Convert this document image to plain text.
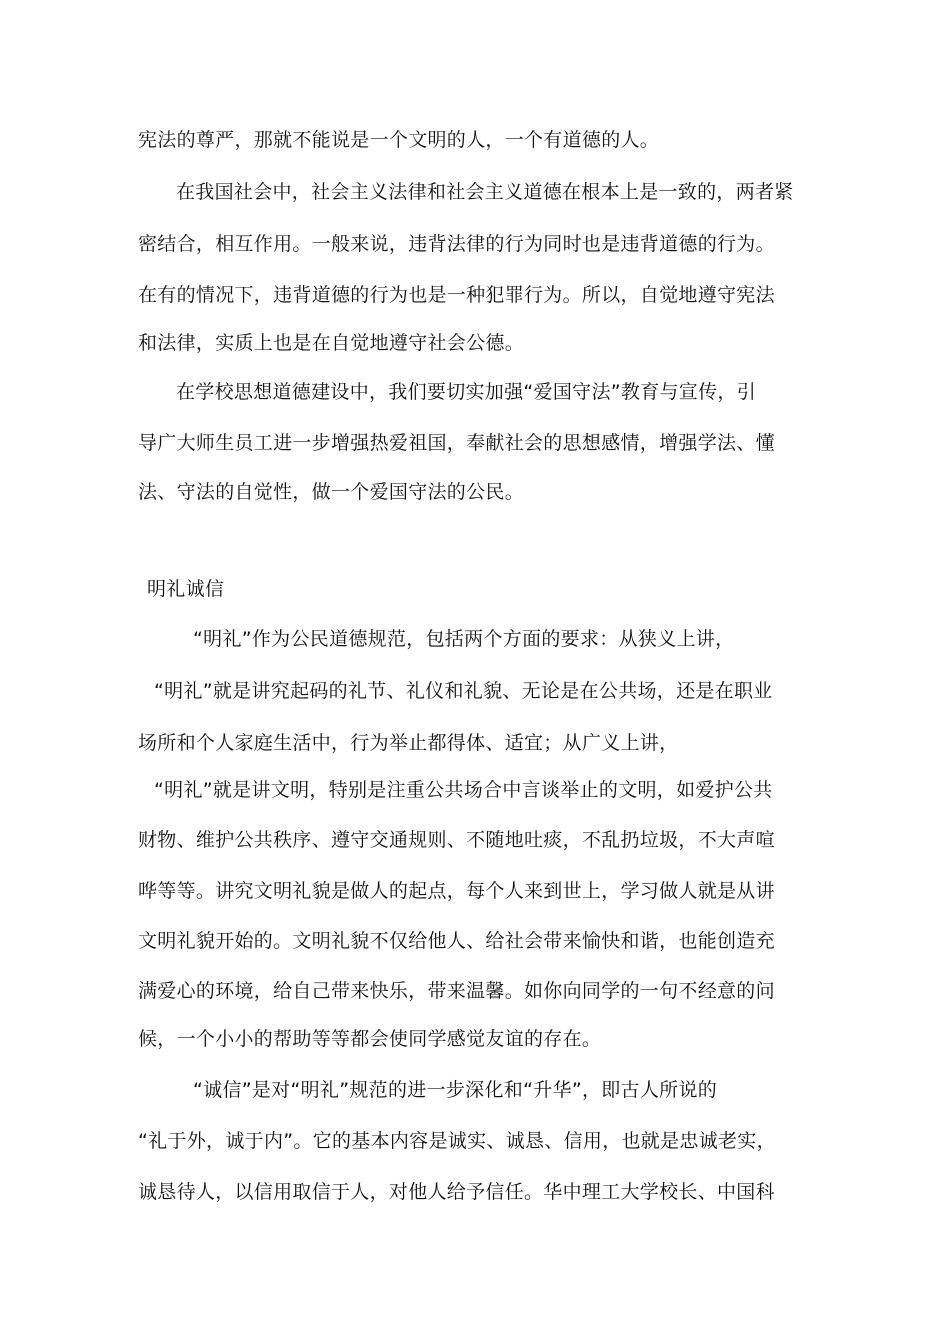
宪法的尊严，那就不能说是一个文明的人，一个有道德的人。
在我国社会中，社会主义法律和社会主义道德在根本上是一致的，两者紧
密结合，相互作用。一般来说，违背法律的行为同时也是违背道德的行为。
在有的情况下，违背道德的行为也是一种犯罪行为。所以，自觉地遵守宪法
和法律，实质上也是在自觉地遵守社会公德。
在学校思想道德建设中，我们要切实加强“爱国守法”教育与宣传，引
导广大师生员工进一步增强热爱祖国，奉献社会的思想感情，增强学法、懂
法、守法的自觉性，做一个爱国守法的公民。
明礼诚信
“明礼”作为公民道德规范，包括两个方面的要求：从狭义上讲，
“明礼”就是讲究起码的礼节、礼仪和礼貌、无论是在公共场，还是在职业
场所和个人家庭生活中，行为举止都得体、适宜；从广义上讲，
“明礼”就是讲文明，特别是注重公共场合中言谈举止的文明，如爱护公共
财物、维护公共秩序、遵守交通规则、不随地吐痰，不乱扔垃圾，不大声喧
哗等等。讲究文明礼貌是做人的起点，每个人来到世上，学习做人就是从讲
文明礼貌开始的。文明礼貌不仅给他人、给社会带来愉快和谐，也能创造充
满爱心的环境，给自己带来快乐，带来温馨。如你向同学的一句不经意的问
候，一个小小的帮助等等都会使同学感觉友谊的存在。
“诚信”是对“明礼”规范的进一步深化和“升华”，即古人所说的
“礼于外，诚于内”。它的基本内容是诚实、诚恳、信用，也就是忠诚老实，
诚恳待人，以信用取信于人，对他人给予信任。华中理工大学校长、中国科
